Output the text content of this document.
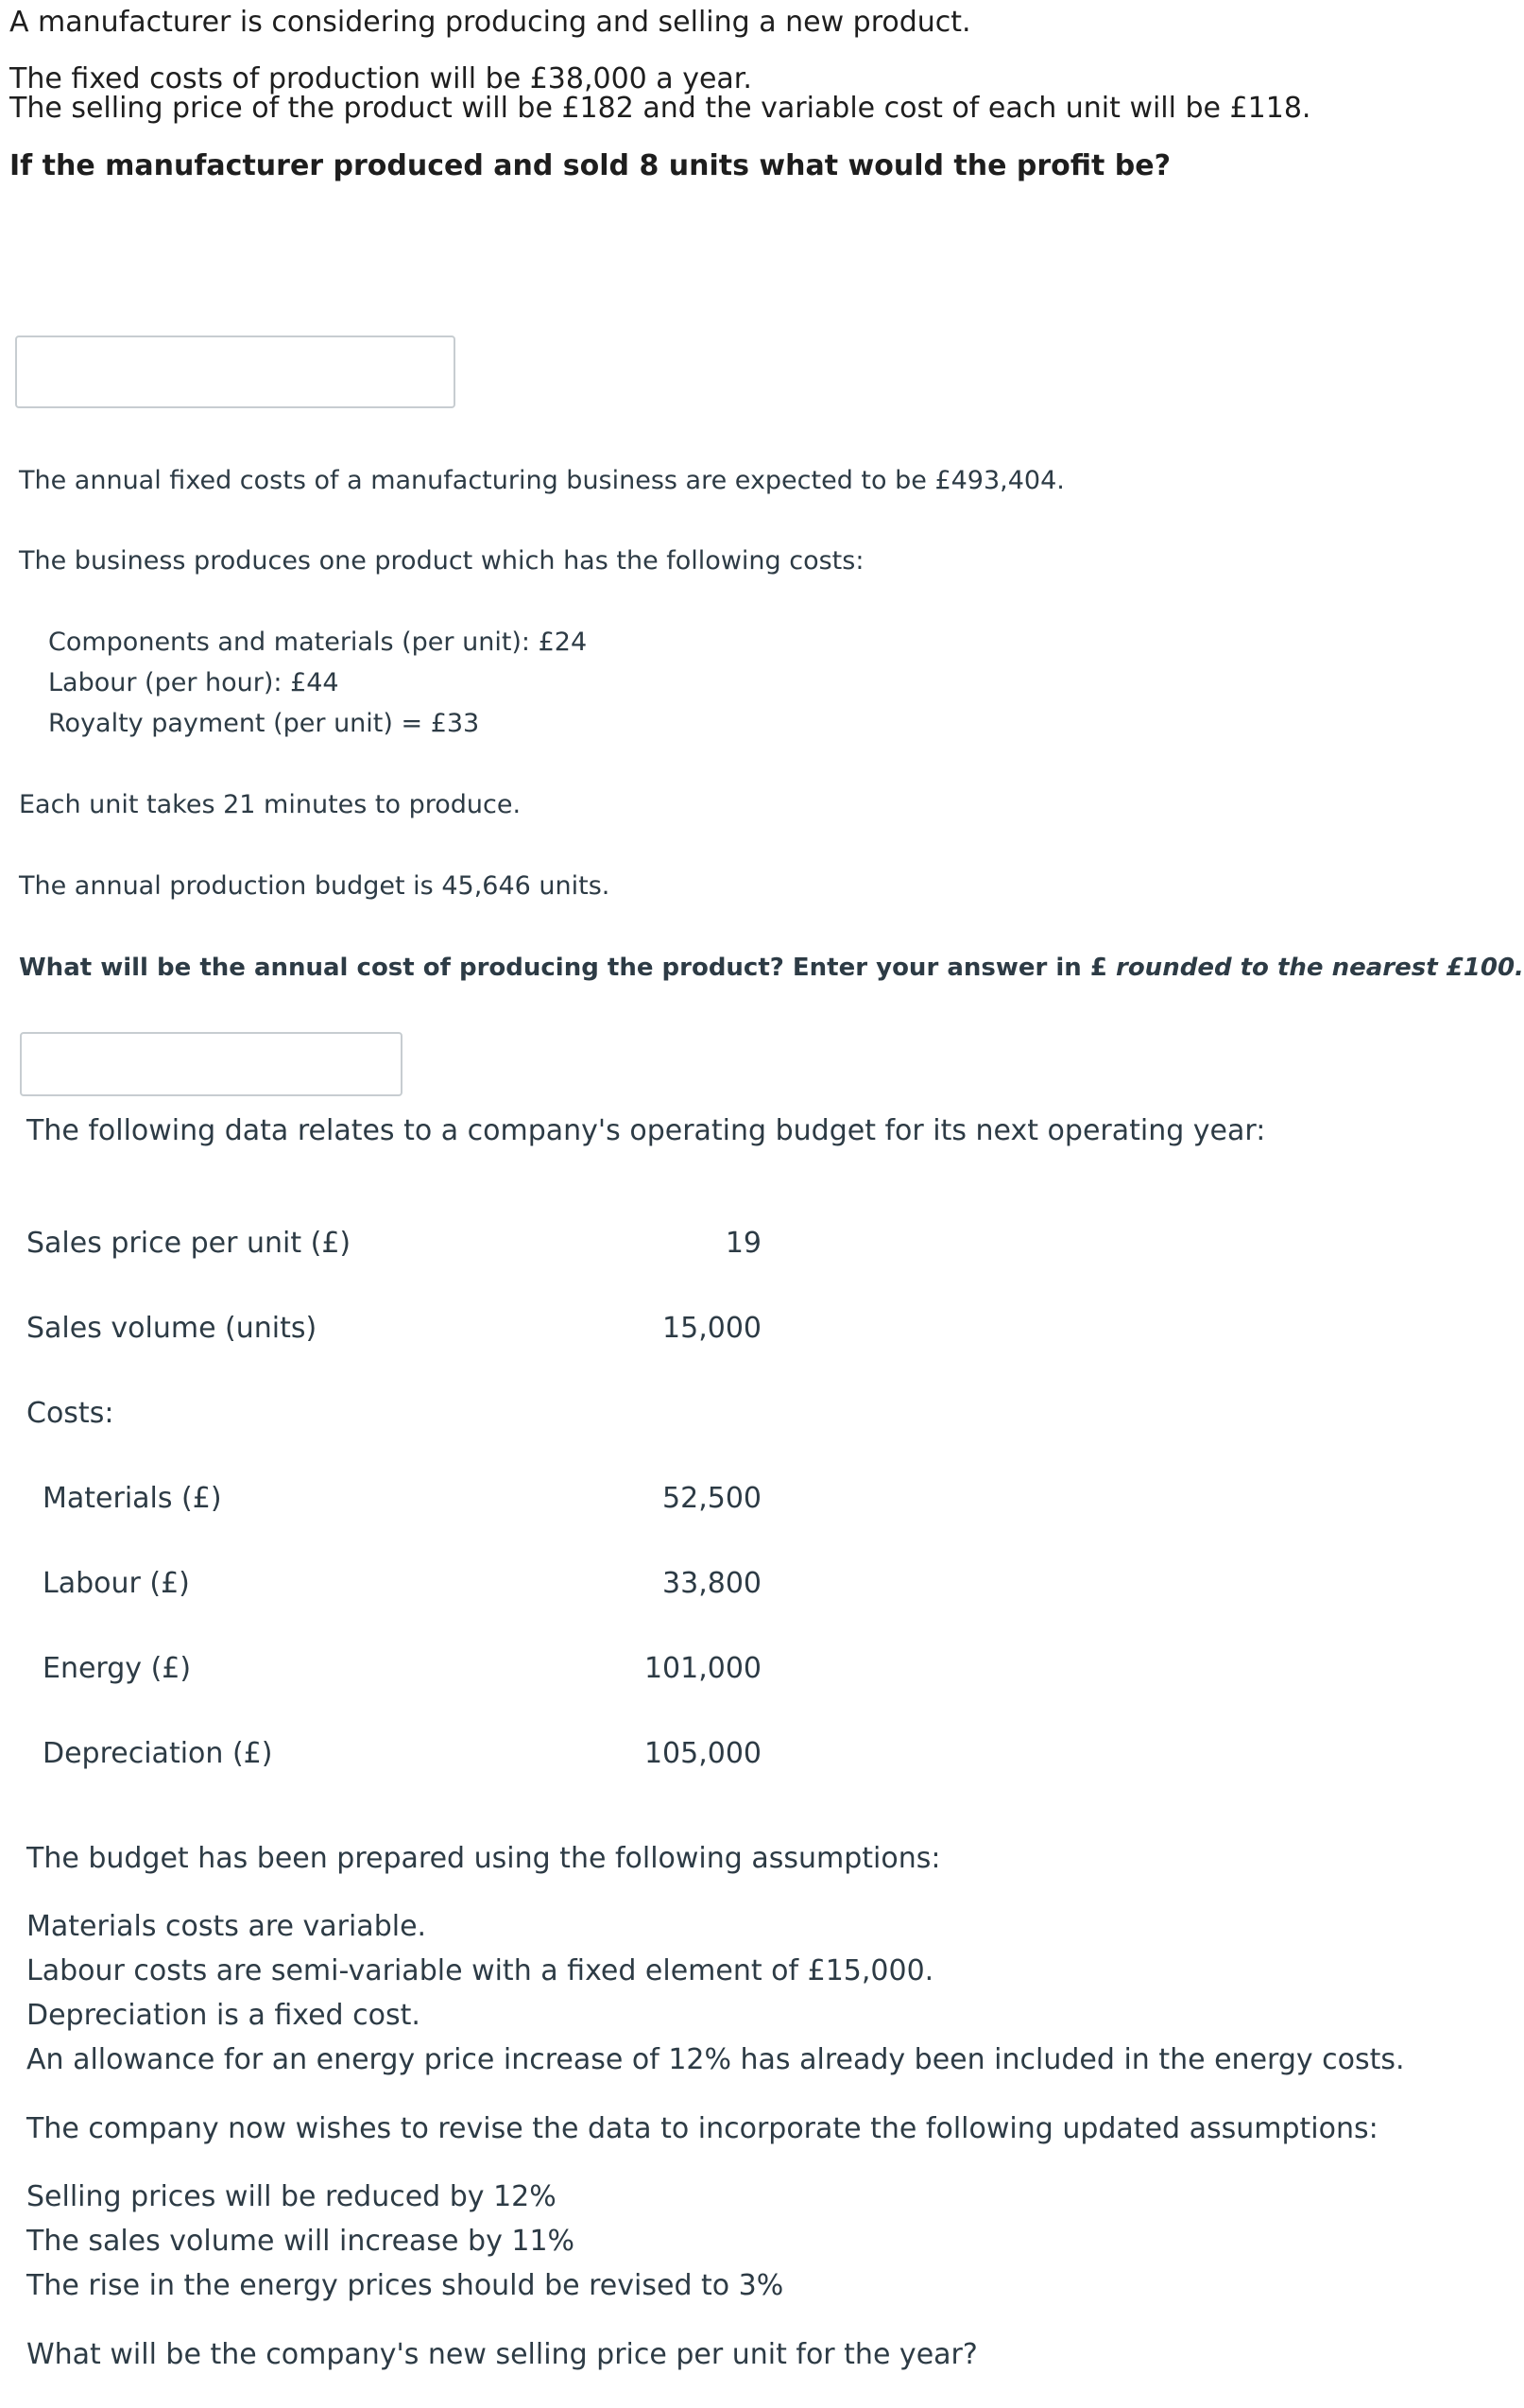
A manufacturer is considering producing and selling a new product.
The fixed costs of production will be £38,000 a year.
The selling price of the product will be £182 and the variable cost of each unit will be £118.
If the manufacturer produced and sold 8 units what would the profit be?
The annual fixed costs of a manufacturing business are expected to be £493,404.
The business produces one product which has the following costs:
Components and materials (per unit): £24
Labour (per hour): £44
Royalty payment (per unit) = £33
Each unit takes 21 minutes to produce.
The annual production budget is 45,646 units.
What will be the annual cost of producing the product? Enter your answer in £ rounded to the nearest £100.
The following data relates to a company's operating budget for its next operating year:
Sales price per unit (£)	19
Sales volume (units)	15,000
Costs:
Materials (£)	52,500
Labour (£)	33,800
Energy (£)	101,000
Depreciation (£)	105,000
The budget has been prepared using the following assumptions:
Materials costs are variable.
Labour costs are semi-variable with a fixed element of £15,000.
Depreciation is a fixed cost.
An allowance for an energy price increase of 12% has already been included in the energy costs.
The company now wishes to revise the data to incorporate the following updated assumptions:
Selling prices will be reduced by 12%
The sales volume will increase by 11%
The rise in the energy prices should be revised to 3%
What will be the company's new selling price per unit for the year?
